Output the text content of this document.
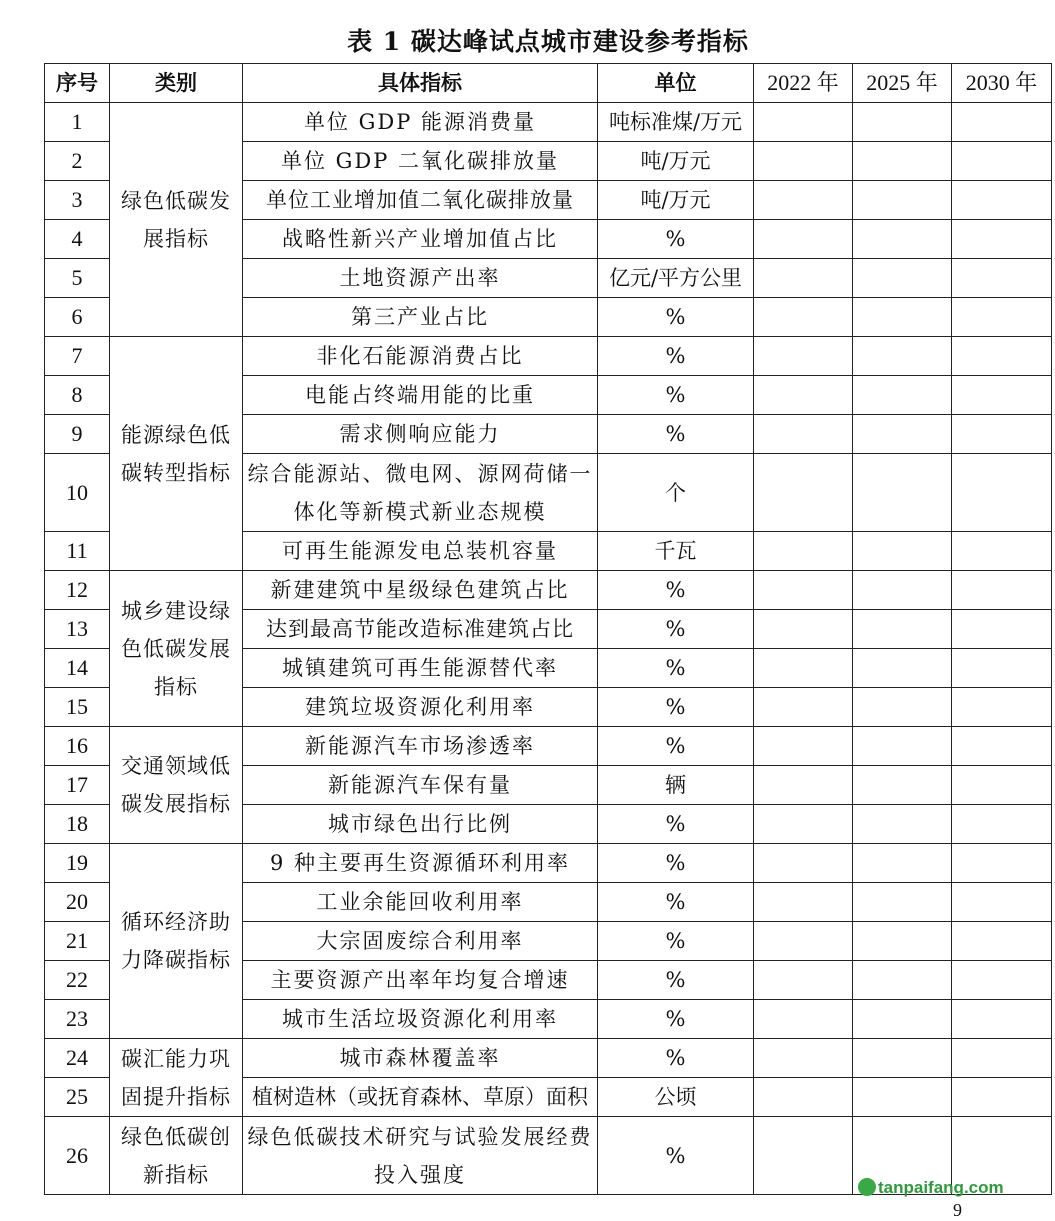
表 1 碳达峰试点城市建设参考指标
序号	类别	具体指标	单位	2022 年	2025 年	2030 年
1	绿色低碳发展指标	单位 GDP 能源消费量	吨标准煤/万元			
2		单位 GDP 二氧化碳排放量	吨/万元			
3		单位工业增加值二氧化碳排放量	吨/万元			
4		战略性新兴产业增加值占比	%			
5		土地资源产出率	亿元/平方公里			
6		第三产业占比	%			
7	能源绿色低碳转型指标	非化石能源消费占比	%			
8		电能占终端用能的比重	%			
9		需求侧响应能力	%			
10		综合能源站、微电网、源网荷储一体化等新模式新业态规模	个			
11		可再生能源发电总装机容量	千瓦			
12	城乡建设绿色低碳发展指标	新建建筑中星级绿色建筑占比	%			
13		达到最高节能改造标准建筑占比	%			
14		城镇建筑可再生能源替代率	%			
15		建筑垃圾资源化利用率	%			
16	交通领域低碳发展指标	新能源汽车市场渗透率	%			
17		新能源汽车保有量	辆			
18		城市绿色出行比例	%			
19	循环经济助力降碳指标	9 种主要再生资源循环利用率	%			
20		工业余能回收利用率	%			
21		大宗固废综合利用率	%			
22		主要资源产出率年均复合增速	%			
23		城市生活垃圾资源化利用率	%			
24	碳汇能力巩固提升指标	城市森林覆盖率	%			
25		植树造林（或抚育森林、草原）面积	公顷			
26	绿色低碳创新指标	绿色低碳技术研究与试验发展经费投入强度	%			
tanpaifang.com
9
